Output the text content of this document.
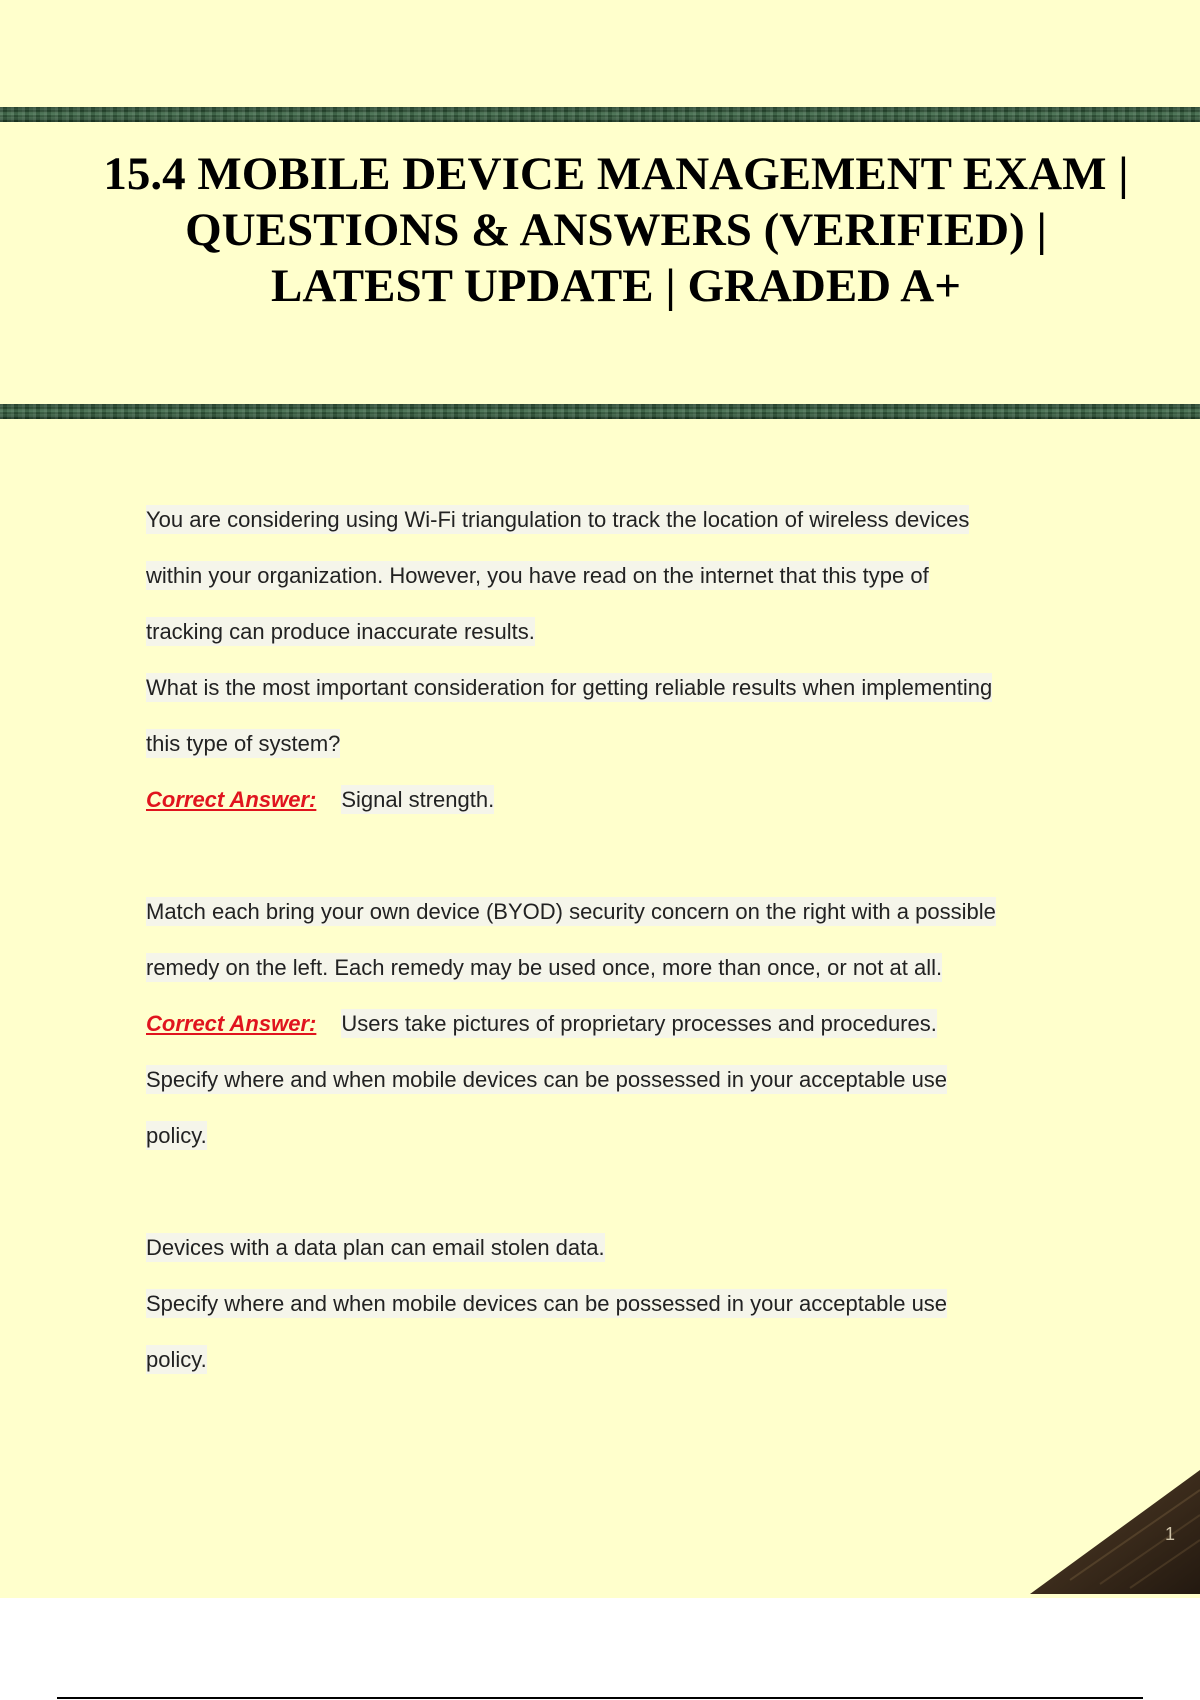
15.4 MOBILE DEVICE MANAGEMENT EXAM | QUESTIONS & ANSWERS (VERIFIED) | LATEST UPDATE | GRADED A+
You are considering using Wi-Fi triangulation to track the location of wireless devices
within your organization. However, you have read on the internet that this type of
tracking can produce inaccurate results.
What is the most important consideration for getting reliable results when implementing
this type of system?
Correct Answer: Signal strength.
Match each bring your own device (BYOD) security concern on the right with a possible
remedy on the left. Each remedy may be used once, more than once, or not at all.
Correct Answer: Users take pictures of proprietary processes and procedures.
Specify where and when mobile devices can be possessed in your acceptable use
policy.
Devices with a data plan can email stolen data.
Specify where and when mobile devices can be possessed in your acceptable use
policy.
1
